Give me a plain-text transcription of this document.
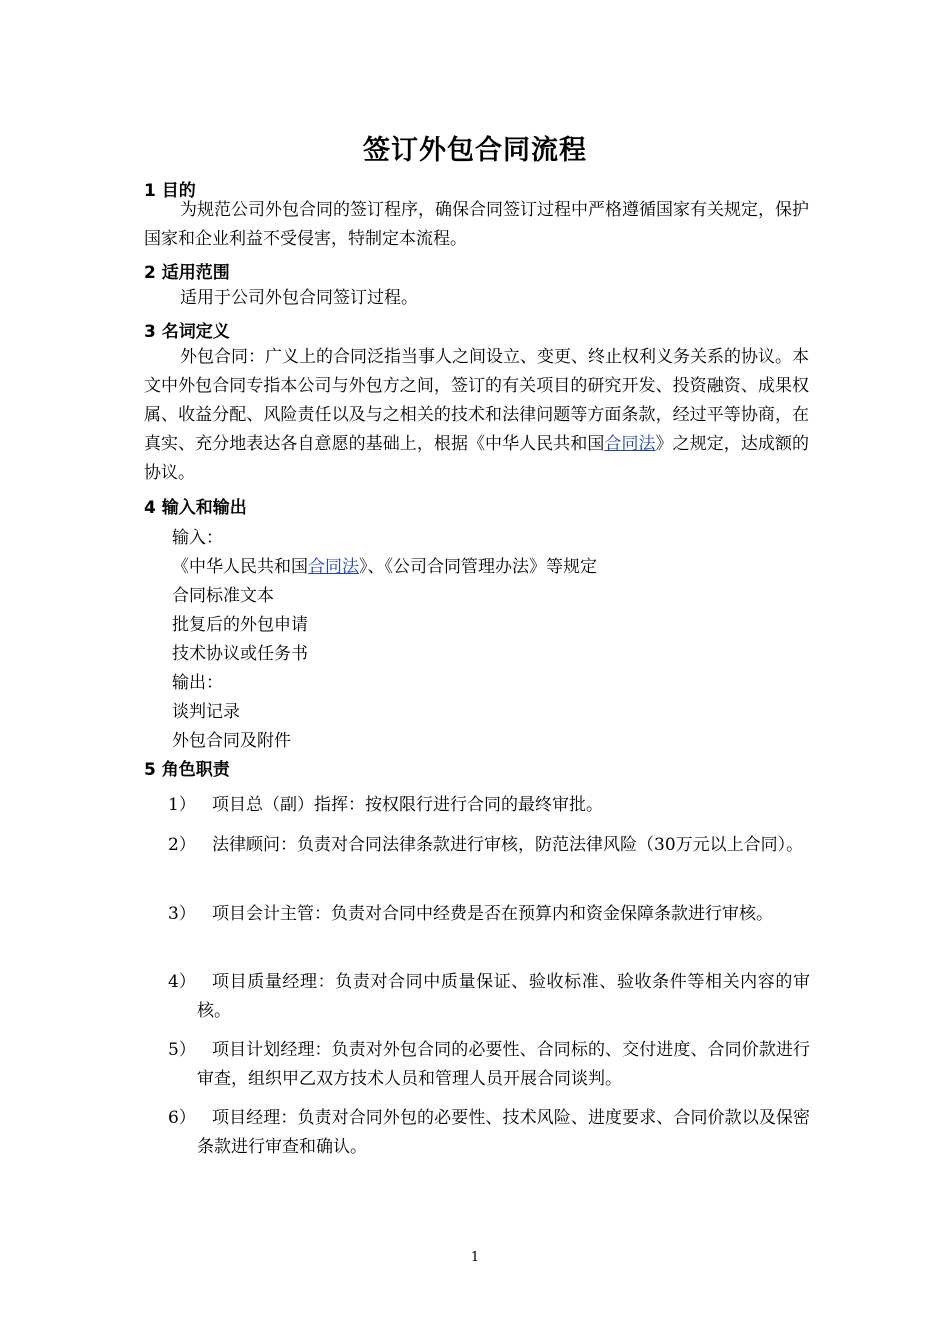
签订外包合同流程
1 目的
为规范公司外包合同的签订程序，确保合同签订过程中严格遵循国家有关规定，保护国家和企业利益不受侵害，特制定本流程。
2 适用范围
适用于公司外包合同签订过程。
3 名词定义
外包合同：广义上的合同泛指当事人之间设立、变更、终止权利义务关系的协议。本文中外包合同专指本公司与外包方之间，签订的有关项目的研究开发、投资融资、成果权属、收益分配、风险责任以及与之相关的技术和法律问题等方面条款，经过平等协商，在真实、充分地表达各自意愿的基础上，根据《中华人民共和国合同法》之规定，达成额的协议。
4 输入和输出
输入：
《中华人民共和国合同法》、《公司合同管理办法》等规定
合同标准文本
批复后的外包申请
技术协议或任务书
输出：
谈判记录
外包合同及附件
5 角色职责
1） 项目总（副）指挥：按权限行进行合同的最终审批。
2） 法律顾问：负责对合同法律条款进行审核，防范法律风险（30万元以上合同）。
3） 项目会计主管：负责对合同中经费是否在预算内和资金保障条款进行审核。
4） 项目质量经理：负责对合同中质量保证、验收标准、验收条件等相关内容的审核。
5） 项目计划经理：负责对外包合同的必要性、合同标的、交付进度、合同价款进行审查，组织甲乙双方技术人员和管理人员开展合同谈判。
6） 项目经理：负责对合同外包的必要性、技术风险、进度要求、合同价款以及保密条款进行审查和确认。
1
